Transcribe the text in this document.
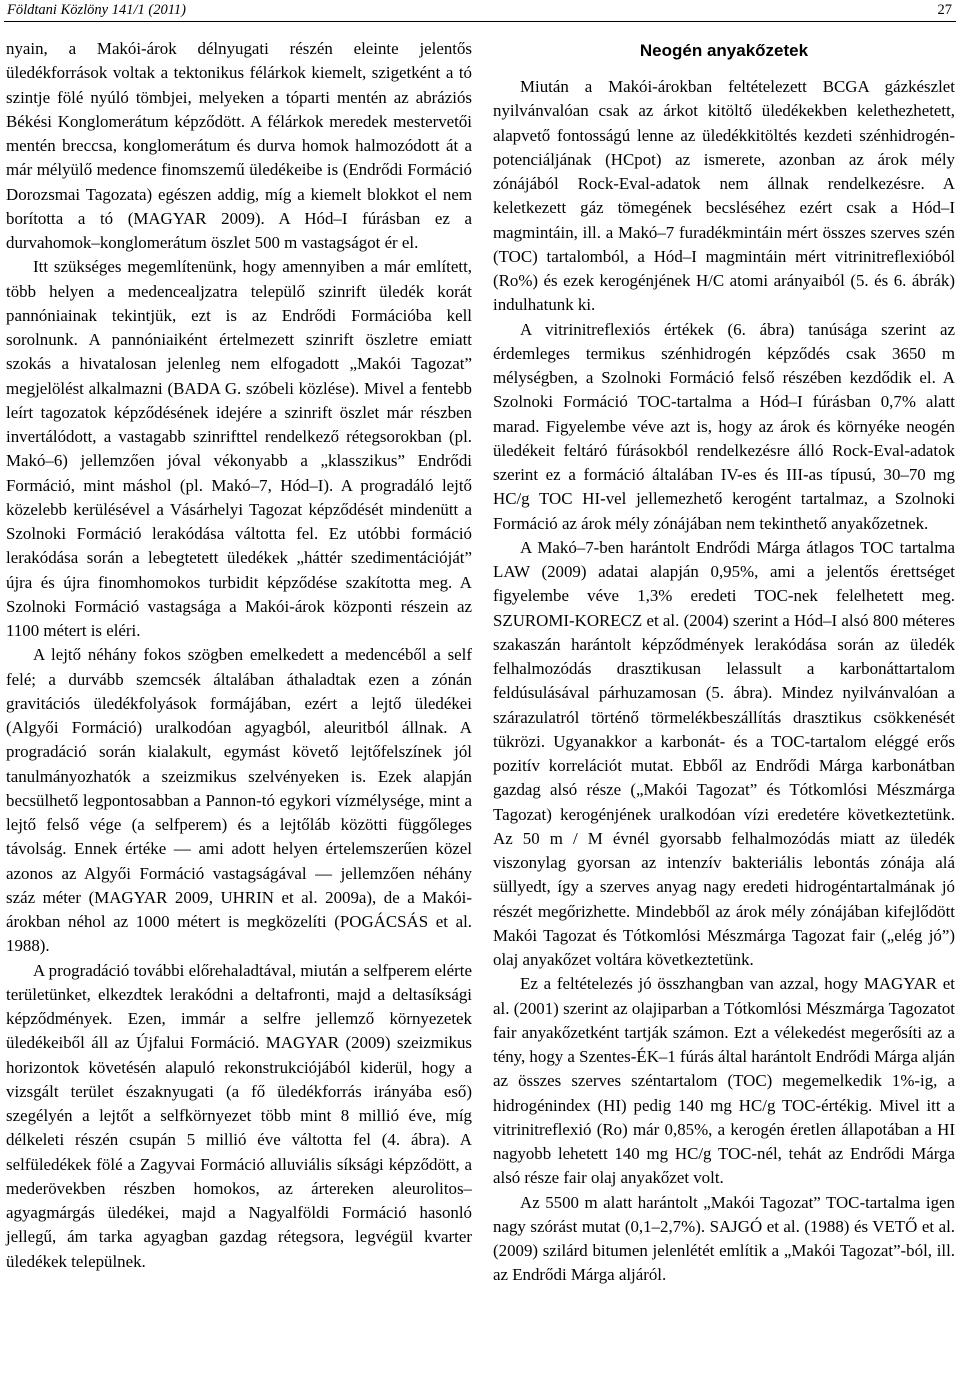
Földtani Közlöny 141/1 (2011)	27

nyain, a Makói-árok délnyugati részén eleinte jelentős üledékforrások voltak a tektonikus félárkok kiemelt, szigetként a tó szintje fölé nyúló tömbjei, melyeken a tóparti mentén az abráziós Békési Konglomerátum képződött. A félárkok meredek mestervetői mentén breccsa, konglomerátum és durva homok halmozódott át a már mélyülő medence finomszemű üledékeibe is (Endrődi Formáció Dorozsmai Tagozata) egészen addig, míg a kiemelt blokkot el nem borította a tó (MAGYAR 2009). A Hód–I fúrásban ez a durvahomok–konglomerátum öszlet 500 m vastagságot ér el.

Itt szükséges megemlítenünk, hogy amennyiben a már említett, több helyen a medencealjzatra települő szinrift üledék korát pannóniainak tekintjük, ezt is az Endrődi Formációba kell sorolnunk. A pannóniaiként értelmezett szinrift öszletre emiatt szokás a hivatalosan jelenleg nem elfogadott „Makói Tagozat” megjelölést alkalmazni (BADA G. szóbeli közlése). Mivel a fentebb leírt tagozatok képződésének idejére a szinrift öszlet már részben invertálódott, a vastagabb szinrifttel rendelkező rétegsorokban (pl. Makó–6) jellemzően jóval vékonyabb a „klasszikus” Endrődi Formáció, mint máshol (pl. Makó–7, Hód–I). A progradáló lejtő közelebb kerülésével a Vásárhelyi Tagozat képződését mindenütt a Szolnoki Formáció lerakódása váltotta fel. Ez utóbbi formáció lerakódása során a lebegtetett üledékek „háttér szedimentációját” újra és újra finomhomokos turbidit képződése szakította meg. A Szolnoki Formáció vastagsága a Makói-árok központi részein az 1100 métert is eléri.

A lejtő néhány fokos szögben emelkedett a medencéből a self felé; a durvább szemcsék általában áthaladtak ezen a zónán gravitációs üledékfolyások formájában, ezért a lejtő üledékei (Algyői Formáció) uralkodóan agyagból, aleuritból állnak. A progradáció során kialakult, egymást követő lejtőfelszínek jól tanulmányozhatók a szeizmikus szelvényeken is. Ezek alapján becsülhető legpontosabban a Pannon-tó egykori vízmélysége, mint a lejtő felső vége (a selfperem) és a lejtőláb közötti függőleges távolság. Ennek értéke — ami adott helyen értelemszerűen közel azonos az Algyői Formáció vastagságával — jellemzően néhány száz méter (MAGYAR 2009, UHRIN et al. 2009a), de a Makói-árokban néhol az 1000 métert is megközelíti (POGÁCSÁS et al. 1988).

A progradáció további előrehaladtával, miután a selfperem elérte területünket, elkezdtek lerakódni a deltafronti, majd a deltasíksági képződmények. Ezen, immár a selfre jellemző környezetek üledékeiből áll az Újfalui Formáció. MAGYAR (2009) szeizmikus horizontok követésén alapuló rekonstrukciójából kiderül, hogy a vizsgált terület északnyugati (a fő üledékforrás irányába eső) szegélyén a lejtőt a selfkörnyezet több mint 8 millió éve, míg délkeleti részén csupán 5 millió éve váltotta fel (4. ábra). A selfüledékek fölé a Zagyvai Formáció alluviális síksági képződött, a mederövekben részben homokos, az ártereken aleurolitos–agyagmárgás üledékei, majd a Nagyalföldi Formáció hasonló jellegű, ám tarka agyagban gazdag rétegsora, legvégül kvarter üledékek települnek.

Neogén anyakőzetek

Miután a Makói-árokban feltételezett BCGA gázkészlet nyilvánvalóan csak az árkot kitöltő üledékekben kelethezhetett, alapvető fontosságú lenne az üledékkitöltés kezdeti szénhidrogén-potenciáljának (HCpot) az ismerete, azonban az árok mély zónájából Rock-Eval-adatok nem állnak rendelkezésre. A keletkezett gáz tömegének becsléséhez ezért csak a Hód–I magmintáin, ill. a Makó–7 furadékmintáin mért összes szerves szén (TOC) tartalomból, a Hód–I magmintáin mért vitrinitreflexióból (Ro%) és ezek kerogénjének H/C atomi arányaiból (5. és 6. ábrák) indulhatunk ki.

A vitrinitreflexiós értékek (6. ábra) tanúsága szerint az érdemleges termikus szénhidrogén képződés csak 3650 m mélységben, a Szolnoki Formáció felső részében kezdődik el. A Szolnoki Formáció TOC-tartalma a Hód–I fúrásban 0,7% alatt marad. Figyelembe véve azt is, hogy az árok és környéke neogén üledékeit feltáró fúrásokból rendelkezésre álló Rock-Eval-adatok szerint ez a formáció általában IV-es és III-as típusú, 30–70 mg HC/g TOC HI-vel jellemezhető kerogént tartalmaz, a Szolnoki Formáció az árok mély zónájában nem tekinthető anyakőzetnek.

A Makó–7-ben harántolt Endrődi Márga átlagos TOC tartalma LAW (2009) adatai alapján 0,95%, ami a jelentős érettséget figyelembe véve 1,3% eredeti TOC-nek felelhetett meg. SZUROMI-KORECZ et al. (2004) szerint a Hód–I alsó 800 méteres szakaszán harántolt képződmények lerakódása során az üledék felhalmozódás drasztikusan lelassult a karbonáttartalom feldúsulásával párhuzamosan (5. ábra). Mindez nyilvánvalóan a szárazulatról történő törmelékbeszállítás drasztikus csökkenését tükrözi. Ugyanakkor a karbonát- és a TOC-tartalom eléggé erős pozitív korrelációt mutat. Ebből az Endrődi Márga karbonátban gazdag alsó része („Makói Tagozat” és Tótkomlósi Mészmárga Tagozat) kerogénjének uralkodóan vízi eredetére következtetünk. Az 50 m / M évnél gyorsabb felhalmozódás miatt az üledék viszonylag gyorsan az intenzív bakteriális lebontás zónája alá süllyedt, így a szerves anyag nagy eredeti hidrogéntartalmának jó részét megőrizhette. Mindebből az árok mély zónájában kifejlődött Makói Tagozat és Tótkomlósi Mészmárga Tagozat fair („elég jó”) olaj anyakőzet voltára következtetünk.

Ez a feltételezés jó összhangban van azzal, hogy MAGYAR et al. (2001) szerint az olajiparban a Tótkomlósi Mészmárga Tagozatot fair anyakőzetként tartják számon. Ezt a vélekedést megerősíti az a tény, hogy a Szentes-ÉK–1 fúrás által harántolt Endrődi Márga alján az összes szerves széntartalom (TOC) megemelkedik 1%-ig, a hidrogénindex (HI) pedig 140 mg HC/g TOC-értékig. Mivel itt a vitrinitreflexió (Ro) már 0,85%, a kerogén éretlen állapotában a HI nagyobb lehetett 140 mg HC/g TOC-nél, tehát az Endrődi Márga alsó része fair olaj anyakőzet volt.

Az 5500 m alatt harántolt „Makói Tagozat” TOC-tartalma igen nagy szórást mutat (0,1–2,7%). SAJGÓ et al. (1988) és VETŐ et al. (2009) szilárd bitumen jelenlétét említik a „Makói Tagozat”-ból, ill. az Endrődi Márga aljáról.
